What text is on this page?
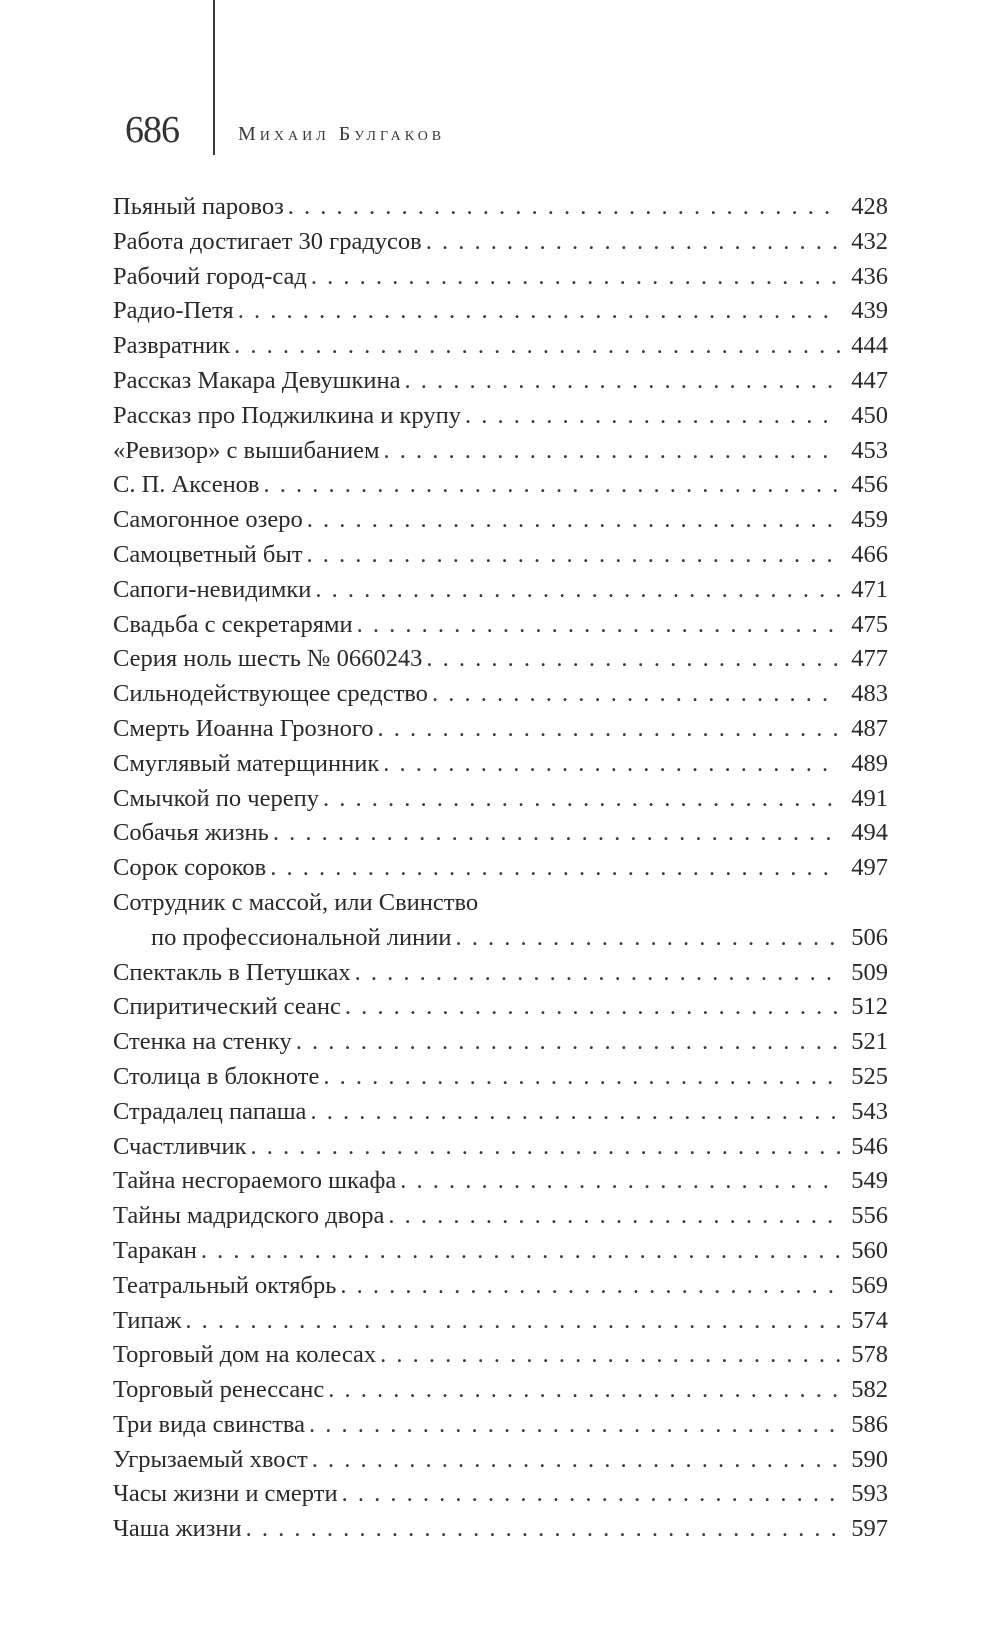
686	Михаил Булгаков
Пьяный паровоз . . .	428
Работа достигает 30 градусов . . .	432
Рабочий город-сад . . .	436
Радио-Петя . . .	439
Развратник . . .	444
Рассказ Макара Девушкина . . .	447
Рассказ про Поджилкина и крупу . . .	450
«Ревизор» с вышибанием . . .	453
С. П. Аксенов . . .	456
Самогонное озеро . . .	459
Самоцветный быт . . .	466
Сапоги-невидимки . . .	471
Свадьба с секретарями . . .	475
Серия ноль шесть № 0660243 . . .	477
Сильнодействующее средство . . .	483
Смерть Иоанна Грозного . . .	487
Смуглявый матерщинник . . .	489
Смычкой по черепу . . .	491
Собачья жизнь . . .	494
Сорок сороков . . .	497
Сотрудник с массой, или Свинство
по профессиональной линии . . .	506
Спектакль в Петушках . . .	509
Спиритический сеанс . . .	512
Стенка на стенку . . .	521
Столица в блокноте . . .	525
Страдалец папаша . . .	543
Счастливчик . . .	546
Тайна несгораемого шкафа . . .	549
Тайны мадридского двора . . .	556
Таракан . . .	560
Театральный октябрь . . .	569
Типаж . . .	574
Торговый дом на колесах . . .	578
Торговый ренессанс . . .	582
Три вида свинства . . .	586
Угрызаемый хвост . . .	590
Часы жизни и смерти . . .	593
Чаша жизни . . .	597
